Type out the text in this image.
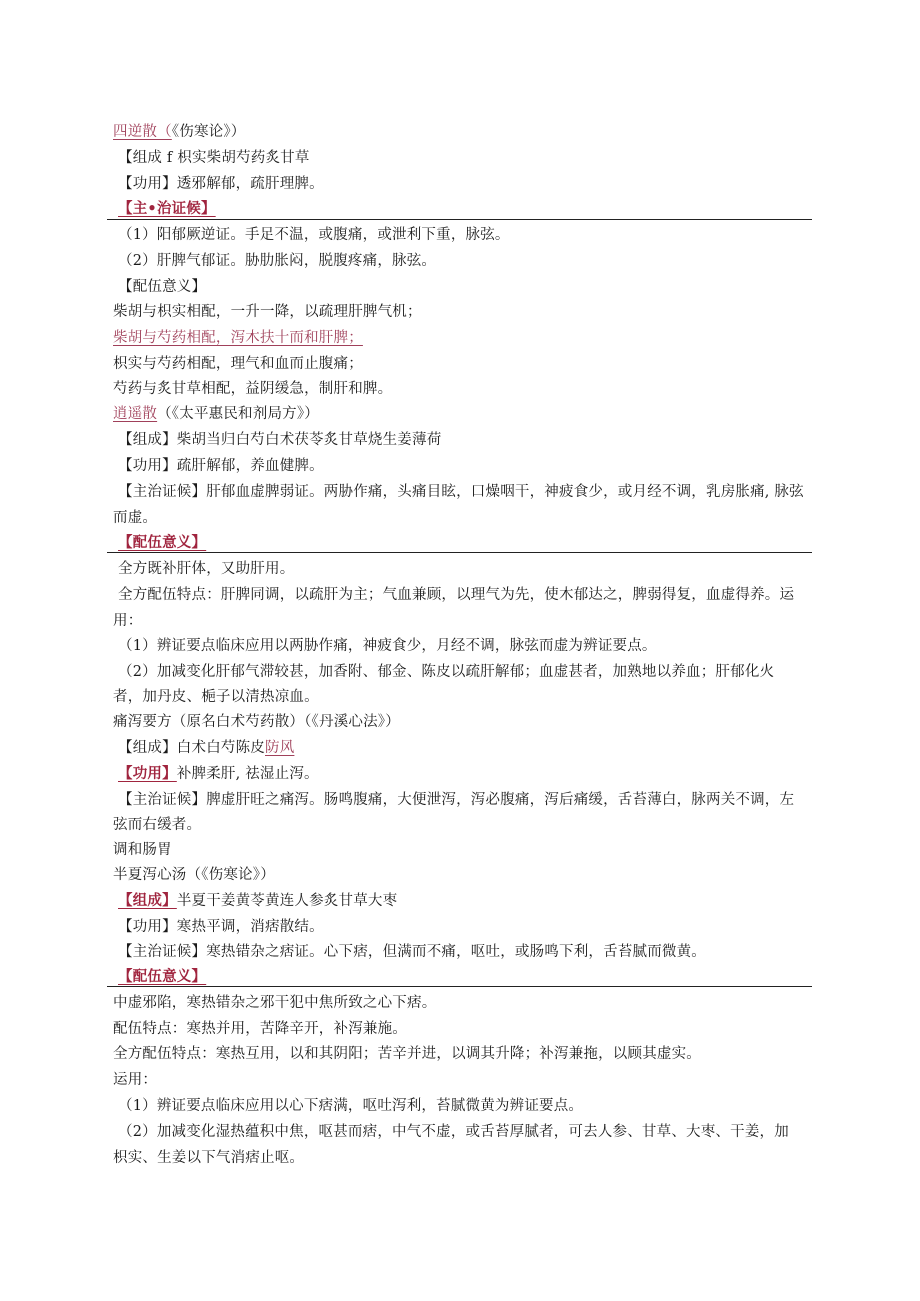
四逆散（《伤寒论》）
【组成 f 枳实柴胡芍药炙甘草
【功用】透邪解郁，疏肝理脾。
【主•治证候】
（1）阳郁厥逆证。手足不温，或腹痛，或泄利下重，脉弦。
（2）肝脾气郁证。胁肋胀闷，脱腹疼痛，脉弦。
【配伍意义】
柴胡与枳实相配，一升一降，以疏理肝脾气机；
柴胡与芍药相配，泻木扶十而和肝脾；
枳实与芍药相配，理气和血而止腹痛；
芍药与炙甘草相配，益阴缓急，制肝和脾。
逍遥散（《太平惠民和剂局方》）
【组成】柴胡当归白芍白术茯苓炙甘草烧生姜薄荷
【功用】疏肝解郁，养血健脾。
【主治证候】肝郁血虚脾弱证。两胁作痛，头痛目眩，口燥咽干，神疲食少，或月经不调，乳房胀痛, 脉弦
而虚。
【配伍意义】
全方既补肝体，又助肝用。
全方配伍特点：肝脾同调，以疏肝为主；气血兼顾，以理气为先，使木郁达之，脾弱得复，血虚得养。运
用：
（1）辨证要点临床应用以两胁作痛，神疲食少，月经不调，脉弦而虚为辨证要点。
（2）加减变化肝郁气滞较甚，加香附、郁金、陈皮以疏肝解郁；血虚甚者，加熟地以养血；肝郁化火
者，加丹皮、梔子以清热凉血。
痛泻要方（原名白术芍药散）（《丹溪心法》）
【组成】白术白芍陈皮防风
【功用】补脾柔肝, 祛湿止泻。
【主治证候】脾虚肝旺之痛泻。肠鸣腹痛，大便泄泻，泻必腹痛，泻后痛缓，舌苔薄白，脉两关不调，左
弦而右缓者。
调和肠胃
半夏泻心汤（《伤寒论》）
【组成】半夏干姜黄苓黄连人参炙甘草大枣
【功用】寒热平调，消痞散结。
【主治证候】寒热错杂之痞证。心下痞，但满而不痛，呕吐，或肠鸣下利，舌苔腻而微黄。
【配伍意义】
中虚邪陷，寒热错杂之邪干犯中焦所致之心下痞。
配伍特点：寒热并用，苦降辛开，补泻兼施。
全方配伍特点：寒热互用，以和其阴阳；苦辛并进，以调其升降；补泻兼拖，以顾其虚实。
运用：
（1）辨证要点临床应用以心下痞满，呕吐泻利，苔腻微黄为辨证要点。
（2）加减变化湿热蕴积中焦，呕甚而痞，中气不虚，或舌苔厚腻者，可去人参、甘草、大枣、干姜，加
枳实、生姜以下气消痞止呕。
